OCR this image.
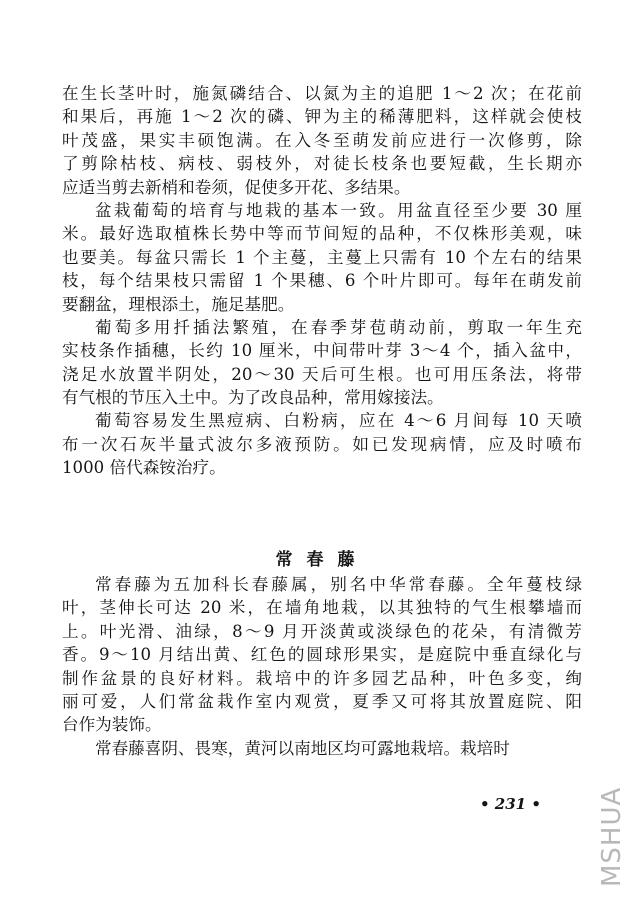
在生长茎叶时，施氮磷结合、以氮为主的追肥 1～2 次；在花前
和果后，再施 1～2 次的磷、钾为主的稀薄肥料，这样就会使枝
叶茂盛，果实丰硕饱满。在入冬至萌发前应进行一次修剪，除
了剪除枯枝、病枝、弱枝外，对徒长枝条也要短截，生长期亦
应适当剪去新梢和卷须，促使多开花、多结果。
盆栽葡萄的培育与地栽的基本一致。用盆直径至少要 30 厘
米。最好选取植株长势中等而节间短的品种，不仅株形美观，味
也要美。每盆只需长 1 个主蔓，主蔓上只需有 10 个左右的结果
枝，每个结果枝只需留 1 个果穗、6 个叶片即可。每年在萌发前
要翻盆，理根添土，施足基肥。
葡萄多用扦插法繁殖，在春季芽苞萌动前，剪取一年生充
实枝条作插穗，长约 10 厘米，中间带叶芽 3～4 个，插入盆中，
浇足水放置半阴处，20～30 天后可生根。也可用压条法，将带
有气根的节压入土中。为了改良品种，常用嫁接法。
葡萄容易发生黑痘病、白粉病，应在 4～6 月间每 10 天喷
布一次石灰半量式波尔多液预防。如已发现病情，应及时喷布
1000 倍代森铵治疗。
常春藤
常春藤为五加科长春藤属，别名中华常春藤。全年蔓枝绿
叶，茎伸长可达 20 米，在墙角地栽，以其独特的气生根攀墙而
上。叶光滑、油绿，8～9 月开淡黄或淡绿色的花朵，有清微芳
香。9～10 月结出黄、红色的圆球形果实，是庭院中垂直绿化与
制作盆景的良好材料。栽培中的许多园艺品种，叶色多变，绚
丽可爱，人们常盆栽作室内观赏，夏季又可将其放置庭院、阳
台作为装饰。
常春藤喜阴、畏寒，黄河以南地区均可露地栽培。栽培时
• 231 • MSHUA
